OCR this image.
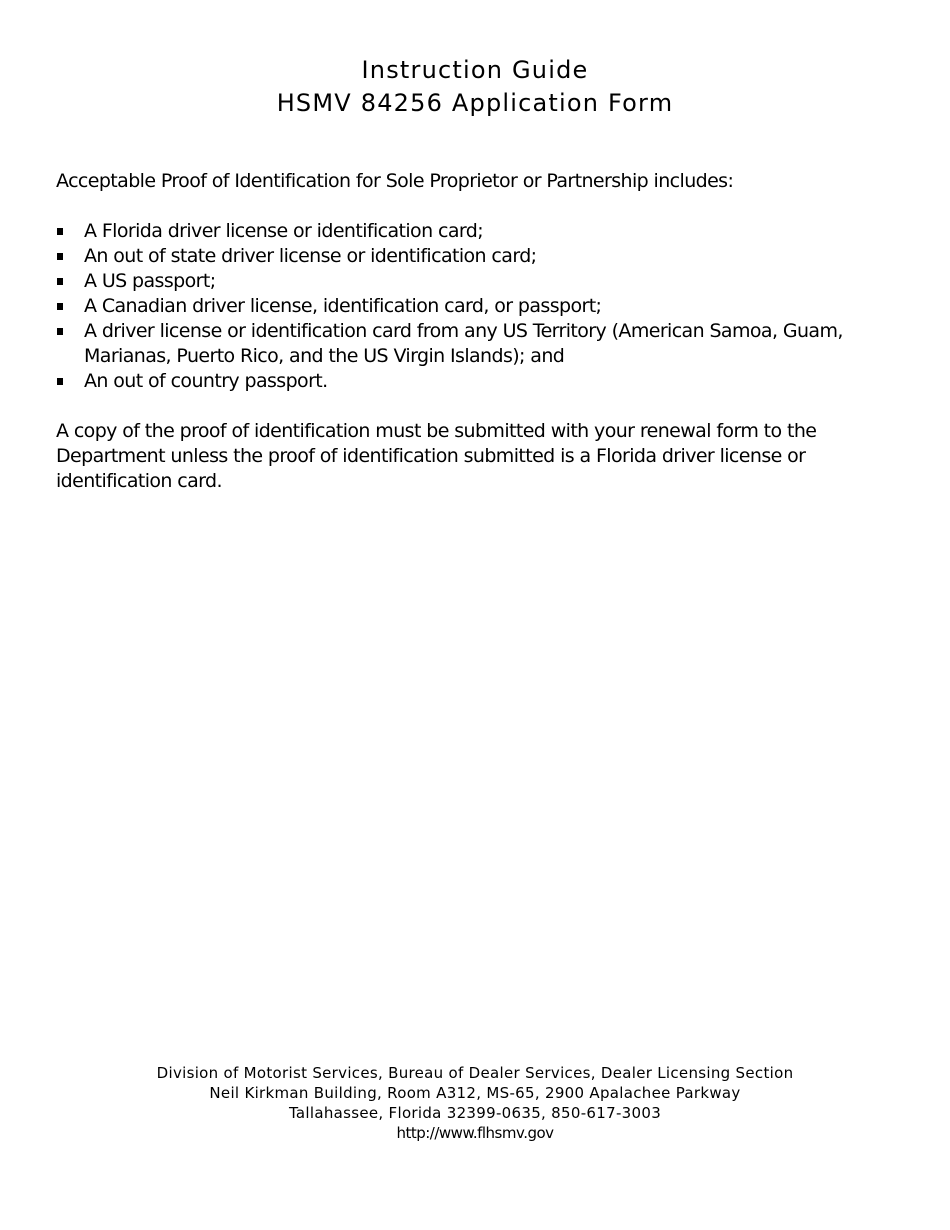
Instruction Guide
HSMV 84256 Application Form

Acceptable Proof of Identification for Sole Proprietor or Partnership includes:

A Florida driver license or identification card;
An out of state driver license or identification card;
A US passport;
A Canadian driver license, identification card, or passport;
A driver license or identification card from any US Territory (American Samoa, Guam, Marianas, Puerto Rico, and the US Virgin Islands); and
An out of country passport.

A copy of the proof of identification must be submitted with your renewal form to the Department unless the proof of identification submitted is a Florida driver license or identification card.

Division of Motorist Services, Bureau of Dealer Services, Dealer Licensing Section
Neil Kirkman Building, Room A312, MS-65, 2900 Apalachee Parkway
Tallahassee, Florida 32399-0635, 850-617-3003
http://www.flhsmv.gov
